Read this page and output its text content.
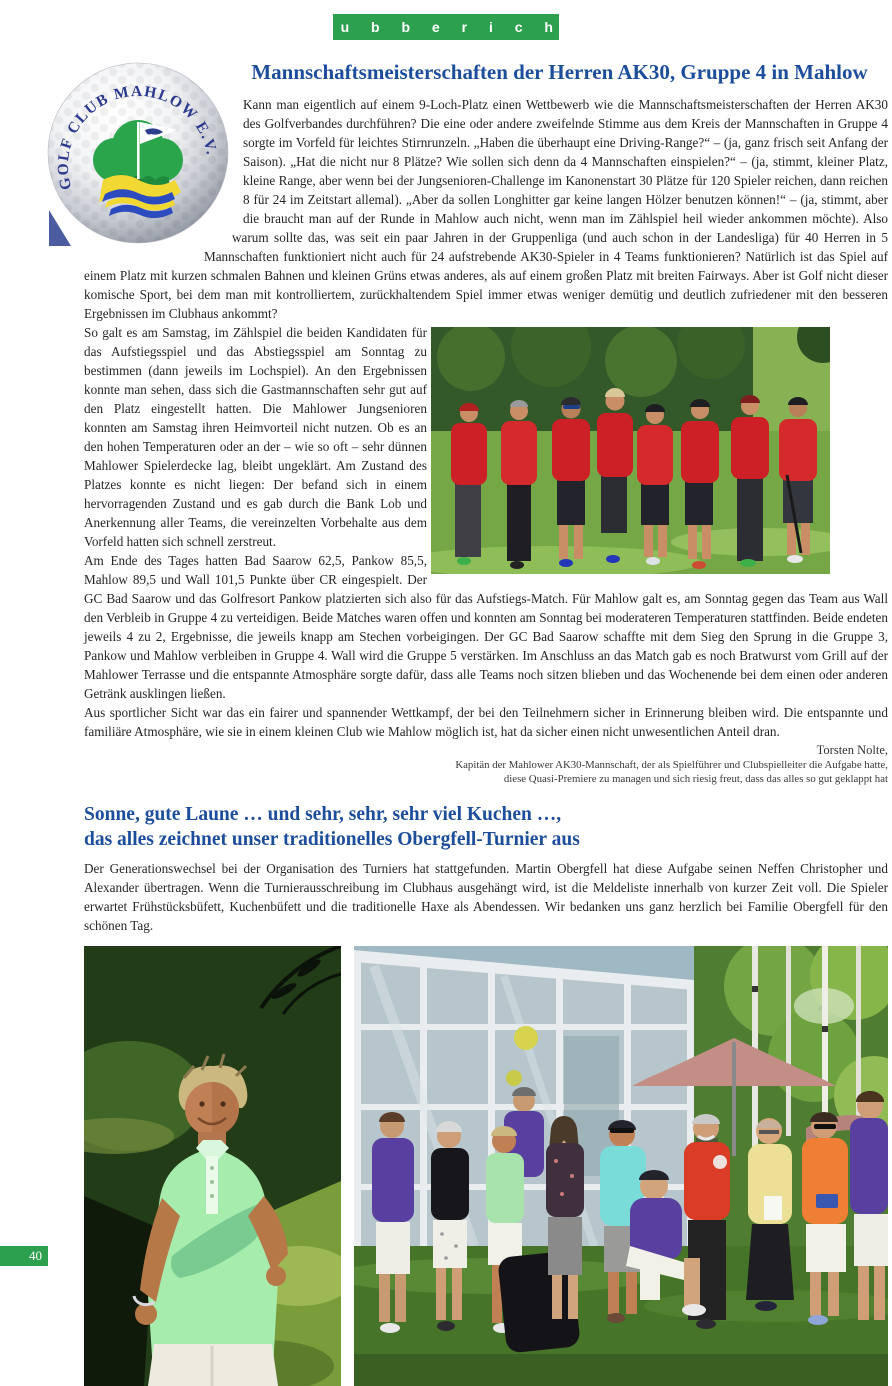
C l u b b e r i c h t e
GOLF CLUB MAHLOW E.V.
Mannschaftsmeisterschaften der Herren AK30, Gruppe 4 in Mahlow

Kann man eigentlich auf einem 9-Loch-Platz einen Wettbewerb wie die Mannschaftsmeisterschaften der Herren AK30 des Golfverbandes durchführen? Die eine oder andere zweifelnde Stimme aus dem Kreis der Mannschaften in Gruppe 4 sorgte im Vorfeld für leichtes Stirnrunzeln. „Haben die überhaupt eine Driving-Range?“ – (ja, ganz frisch seit Anfang der Saison). „Hat die nicht nur 8 Plätze? Wie sollen sich denn da 4 Mannschaften einspielen?“ – (ja, stimmt, kleiner Platz, kleine Range, aber wenn bei der Jungsenioren-Challenge im Kanonenstart 30 Plätze für 120 Spieler reichen, dann reichen 8 für 24 im Zeitstart allemal). „Aber da sollen Longhitter gar keine langen Hölzer benutzen können!“ – (ja, stimmt, aber die braucht man auf der Runde in Mahlow auch nicht, wenn man im Zählspiel heil wieder ankommen möchte). Also warum sollte das, was seit ein paar Jahren in der Gruppenliga (und auch schon in der Landesliga) für 40 Herren in 5 Mannschaften funktioniert nicht auch für 24 aufstrebende AK30-Spieler in 4 Teams funktionieren? Natürlich ist das Spiel auf einem Platz mit kurzen schmalen Bahnen und kleinen Grüns etwas anderes, als auf einem großen Platz mit breiten Fairways. Aber ist Golf nicht dieser komische Sport, bei dem man mit kontrolliertem, zurückhaltendem Spiel immer etwas weniger demütig und deutlich zufriedener mit den besseren Ergebnissen im Clubhaus ankommt?

So galt es am Samstag, im Zählspiel die beiden Kandidaten für das Aufstiegsspiel und das Abstiegsspiel am Sonntag zu bestimmen (dann jeweils im Lochspiel). An den Ergebnissen konnte man sehen, dass sich die Gastmannschaften sehr gut auf den Platz eingestellt hatten. Die Mahlower Jungsenioren konnten am Samstag ihren Heimvorteil nicht nutzen. Ob es an den hohen Temperaturen oder an der – wie so oft – sehr dünnen Mahlower Spielerdecke lag, bleibt ungeklärt. Am Zustand des Platzes konnte es nicht liegen: Der befand sich in einem hervorragenden Zustand und es gab durch die Bank Lob und Anerkennung aller Teams, die vereinzelten Vorbehalte aus dem Vorfeld hatten sich schnell zerstreut.

Am Ende des Tages hatten Bad Saarow 62,5, Pankow 85,5, Mahlow 89,5 und Wall 101,5 Punkte über CR eingespielt. Der GC Bad Saarow und das Golfresort Pankow platzierten sich also für das Aufstiegs-Match. Für Mahlow galt es, am Sonntag gegen das Team aus Wall den Verbleib in Gruppe 4 zu verteidigen. Beide Matches waren offen und konnten am Sonntag bei moderateren Temperaturen stattfinden. Beide endeten jeweils 4 zu 2, Ergebnisse, die jeweils knapp am Stechen vorbeigingen. Der GC Bad Saarow schaffte mit dem Sieg den Sprung in die Gruppe 3, Pankow und Mahlow verbleiben in Gruppe 4. Wall wird die Gruppe 5 verstärken. Im Anschluss an das Match gab es noch Bratwurst vom Grill auf der Mahlower Terrasse und die entspannte Atmosphäre sorgte dafür, dass alle Teams noch sitzen blieben und das Wochenende bei dem einen oder anderen Getränk ausklingen ließen.

Aus sportlicher Sicht war das ein fairer und spannender Wettkampf, der bei den Teilnehmern sicher in Erinnerung bleiben wird. Die entspannte und familiäre Atmosphäre, wie sie in einem kleinen Club wie Mahlow möglich ist, hat da sicher einen nicht unwesentlichen Anteil dran.

Torsten Nolte,
Kapitän der Mahlower AK30-Mannschaft, der als Spielführer und Clubspielleiter die Aufgabe hatte,
diese Quasi-Premiere zu managen und sich riesig freut, dass das alles so gut geklappt hat
Sonne, gute Laune … und sehr, sehr, sehr viel Kuchen …,
das alles zeichnet unser traditionelles Obergfell-Turnier aus

Der Generationswechsel bei der Organisation des Turniers hat stattgefunden. Martin Obergfell hat diese Aufgabe seinen Neffen Christopher und Alexander übertragen. Wenn die Turnierausschreibung im Clubhaus ausgehängt wird, ist die Meldeliste innerhalb von kurzer Zeit voll. Die Spieler erwartet Frühstücksbüfett, Kuchenbüfett und die traditionelle Haxe als Abendessen. Wir bedanken uns ganz herzlich bei Familie Obergfell für den schönen Tag.

40
